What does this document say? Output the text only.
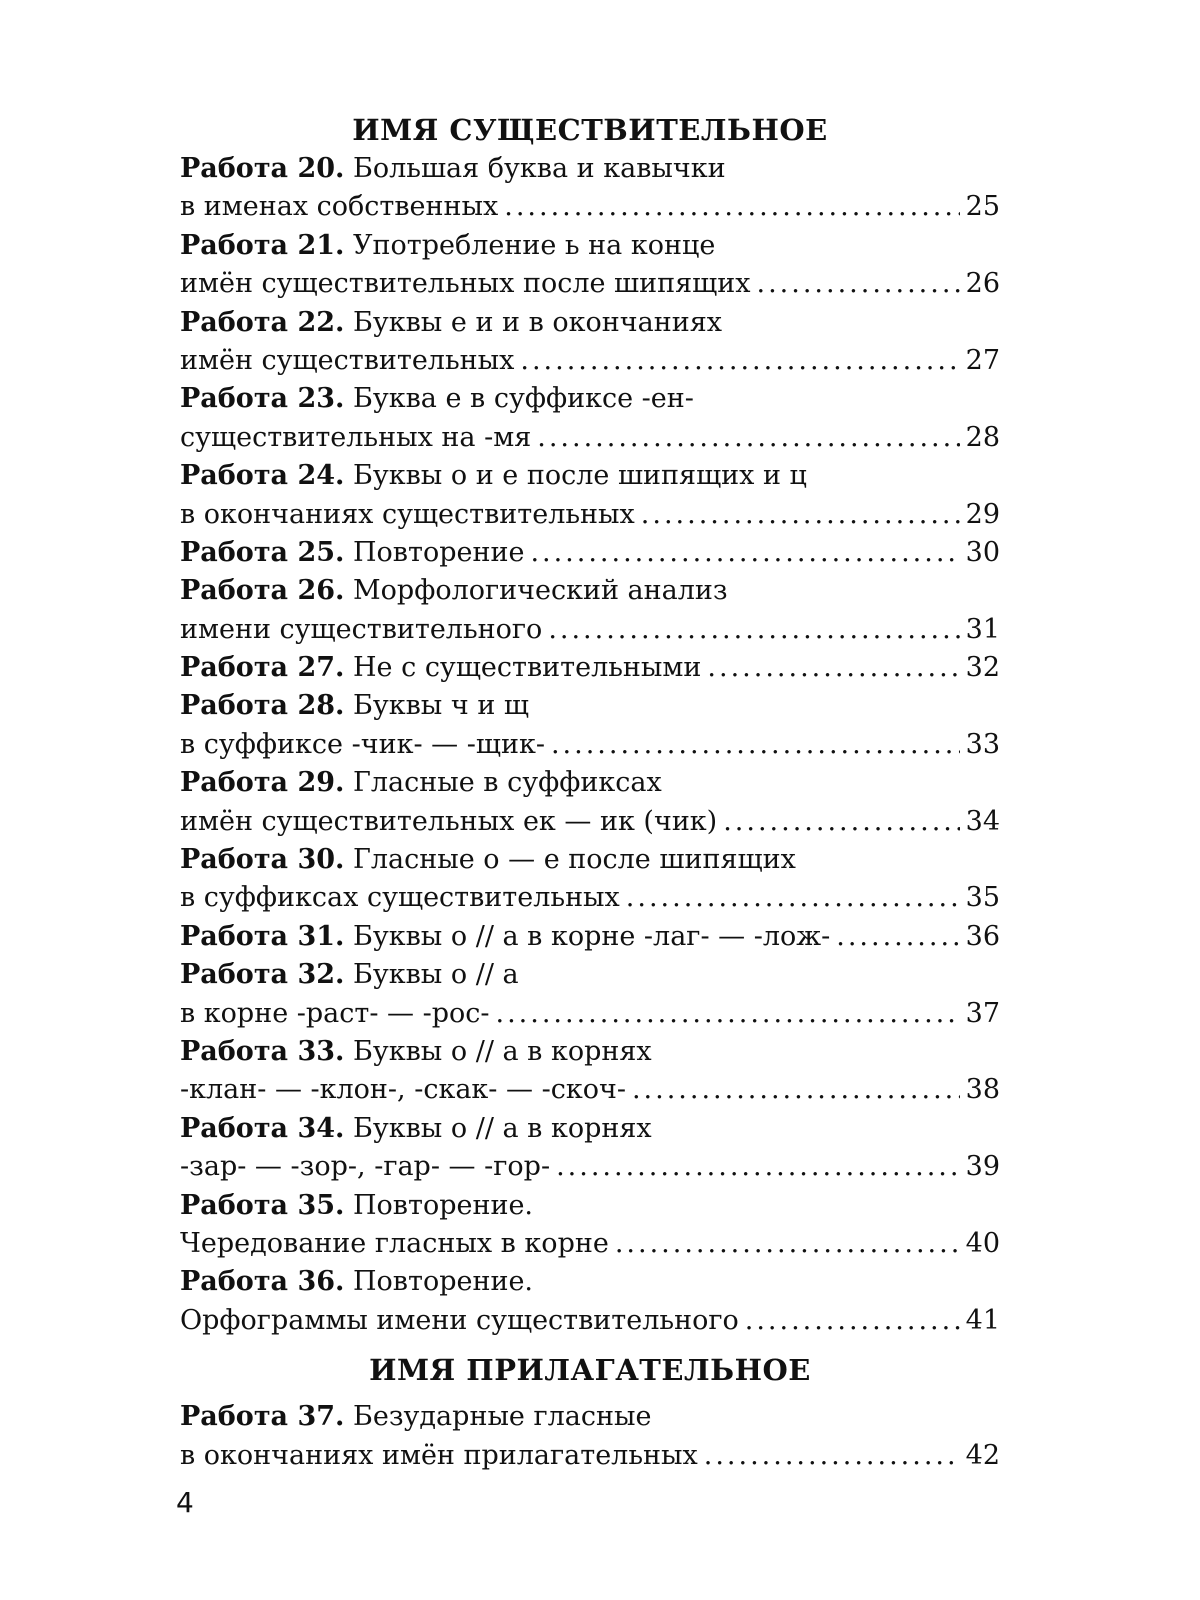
ИМЯ СУЩЕСТВИТЕЛЬНОЕ
Работа 20. Большая буква и кавычки
в именах собственных .....	25
Работа 21. Употребление ь на конце
имён существительных после шипящих .....	26
Работа 22. Буквы е и и в окончаниях
имён существительных .....	27
Работа 23. Буква е в суффиксе -ен-
существительных на -мя .....	28
Работа 24. Буквы о и е после шипящих и ц
в окончаниях существительных .....	29
Работа 25. Повторение .....	30
Работа 26. Морфологический анализ
имени существительного .....	31
Работа 27. Не с существительными .....	32
Работа 28. Буквы ч и щ
в суффиксе -чик- — -щик- .....	33
Работа 29. Гласные в суффиксах
имён существительных ек — ик (чик) .....	34
Работа 30. Гласные о — е после шипящих
в суффиксах существительных .....	35
Работа 31. Буквы о // а в корне -лаг- — -лож- .....	36
Работа 32. Буквы о // а
в корне -раст- — -рос- .....	37
Работа 33. Буквы о // а в корнях
-клан- — -клон-, -скак- — -скоч- .....	38
Работа 34. Буквы о // а в корнях
-зар- — -зор-, -гар- — -гор- .....	39
Работа 35. Повторение.
Чередование гласных в корне .....	40
Работа 36. Повторение.
Орфограммы имени существительного .....	41
ИМЯ ПРИЛАГАТЕЛЬНОЕ
Работа 37. Безударные гласные
в окончаниях имён прилагательных .....	42
4
